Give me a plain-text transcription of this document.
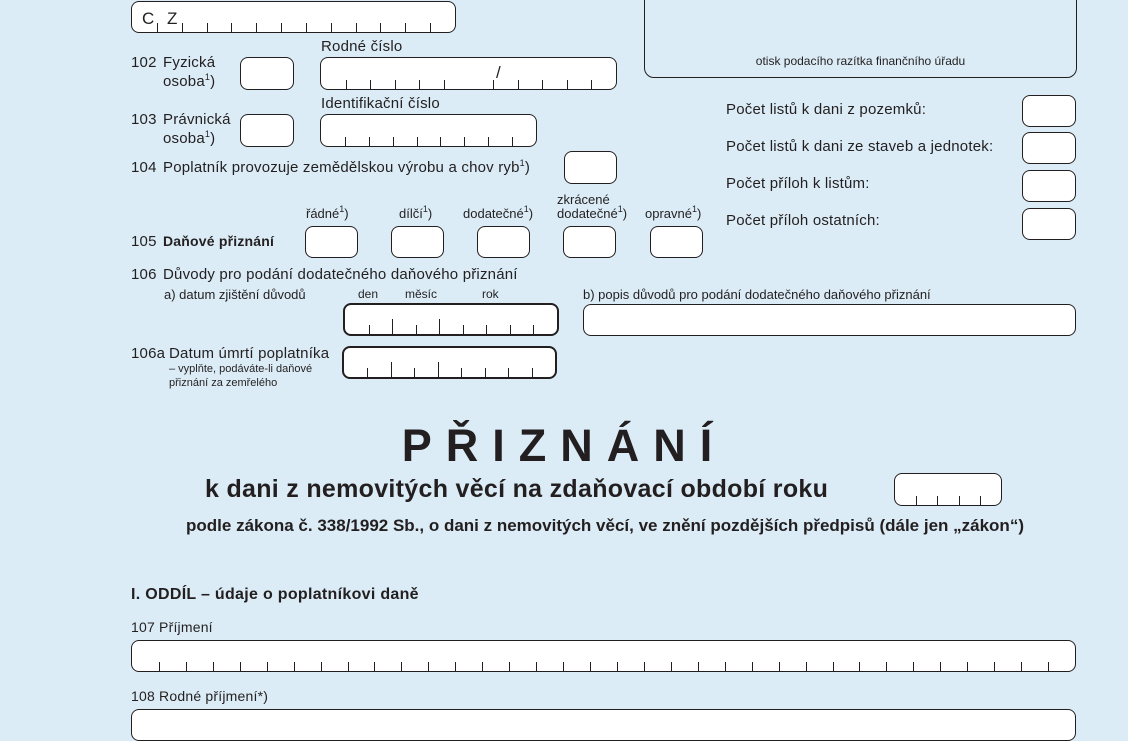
C Z
otisk podacího razítka finančního úřadu
102 Fyzická
osoba$^1$)
Rodné číslo
/
103 Právnická
osoba$^1$)
Identifikační číslo
104 Poplatník provozuje zemědělskou výrobu a chov ryb$^1$)
Počet listů k dani z pozemků:
Počet listů k dani ze staveb a jednotek:
Počet příloh k listům:
Počet příloh ostatních:
105 Daňové přiznání
řádné$^1$)	dílčí$^1$) dodatečné$^1$)
zkrácené
dodatečné$^1$) opravné$^1$)
106 Důvody pro podání dodatečného daňového přiznání
a) datum zjištění důvodů	den měsíc	rok	b) popis důvodů pro podání dodatečného daňového přiznání
106a Datum úmrtí poplatníka
– vyplňte, podáváte-li daňové
přiznání za zemřelého
PŘIZNÁNÍ
k dani z nemovitých věcí na zdaňovací období roku
podle zákona č. 338/1992 Sb., o dani z nemovitých věcí, ve znění pozdějších předpisů (dále jen „zákon“)
I. ODDÍL – údaje o poplatníkovi daně
107 Příjmení
108 Rodné příjmení*)
